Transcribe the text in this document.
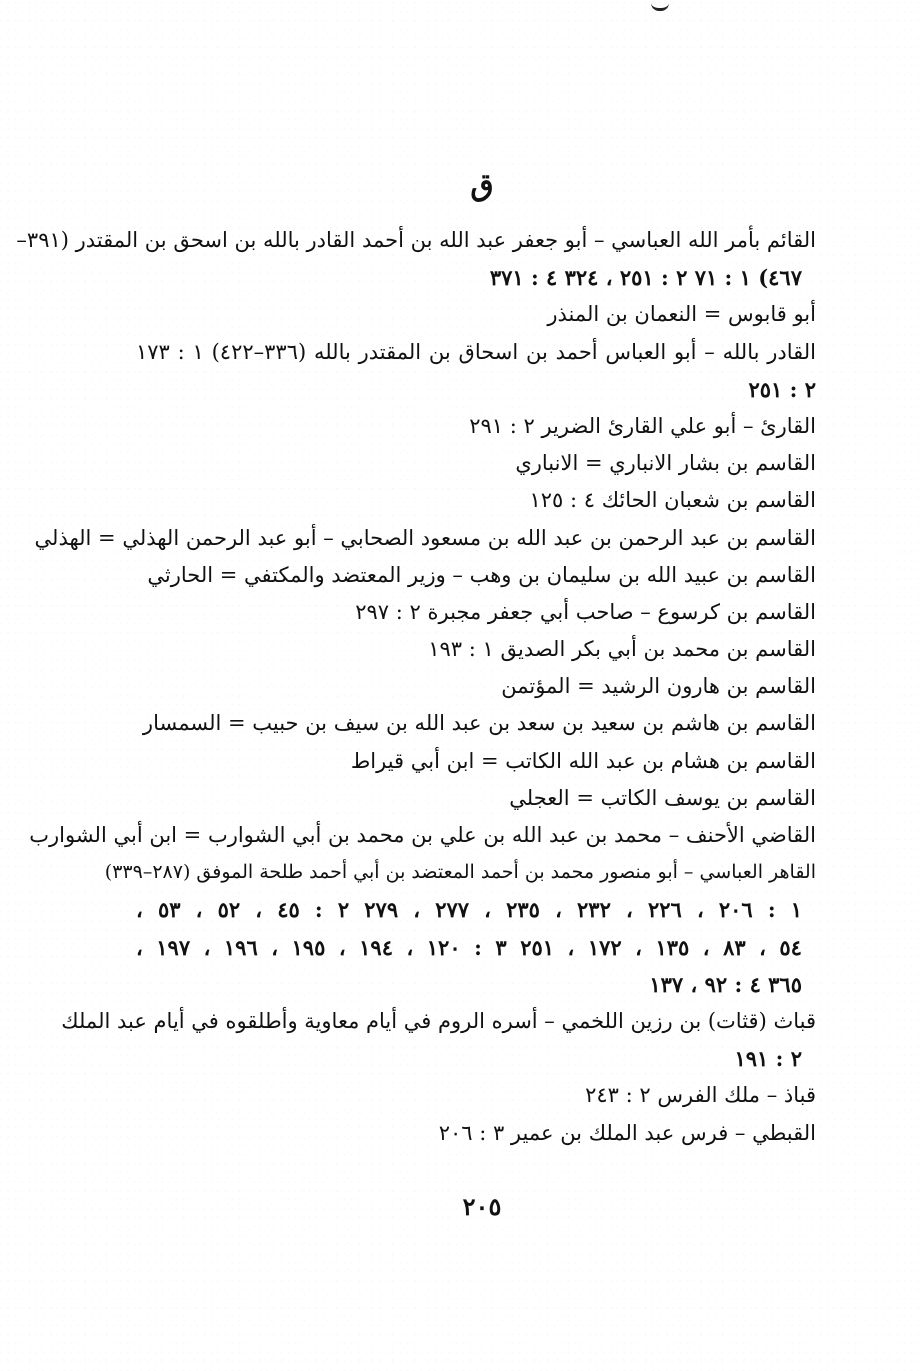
ق
القائم بأمر الله العباسي – أبو جعفر عبد الله بن أحمد القادر بالله بن اسحق بن المقتدر (٣٩١–
٤٦٧) ١ : ٧١ ٢ : ٢٥١ ، ٣٢٤ ٤ : ٣٧١
أبو قابوس = النعمان بن المنذر
القادر بالله – أبو العباس أحمد بن اسحاق بن المقتدر بالله (٣٣٦–٤٢٢) ١ : ١٧٣
٢ : ٢٥١
القارئ – أبو علي القارئ الضرير ٢ : ٢٩١
القاسم بن بشار الانباري = الانباري
القاسم بن شعبان الحائك ٤ : ١٢٥
القاسم بن عبد الرحمن بن عبد الله بن مسعود الصحابي – أبو عبد الرحمن الهذلي = الهذلي
القاسم بن عبيد الله بن سليمان بن وهب – وزير المعتضد والمكتفي = الحارثي
القاسم بن كرسوع – صاحب أبي جعفر مجبرة ٢ : ٢٩٧
القاسم بن محمد بن أبي بكر الصديق ١ : ١٩٣
القاسم بن هارون الرشيد = المؤتمن
القاسم بن هاشم بن سعيد بن سعد بن عبد الله بن سيف بن حبيب = السمسار
القاسم بن هشام بن عبد الله الكاتب = ابن أبي قيراط
القاسم بن يوسف الكاتب = العجلي
القاضي الأحنف – محمد بن عبد الله بن علي بن محمد بن أبي الشوارب = ابن أبي الشوارب
القاهر العباسي – أبو منصور محمد بن أحمد المعتضد بن أبي أحمد طلحة الموفق (٢٨٧–٣٣٩)
١ : ٢٠٦ ، ٢٢٦ ، ٢٣٢ ، ٢٣٥ ، ٢٧٧ ، ٢٧٩ ٢ : ٤٥ ، ٥٢ ، ٥٣ ،
٥٤ ، ٨٣ ، ١٣٥ ، ١٧٢ ، ٢٥١ ٣ : ١٢٠ ، ١٩٤ ، ١٩٥ ، ١٩٦ ، ١٩٧ ،
٣٦٥ ٤ : ٩٢ ، ١٣٧
قباث (قثات) بن رزين اللخمي – أسره الروم في أيام معاوية وأطلقوه في أيام عبد الملك
٢ : ١٩١
قباذ – ملك الفرس ٢ : ٢٤٣
القبطي – فرس عبد الملك بن عمير ٣ : ٢٠٦
٢٠٥
